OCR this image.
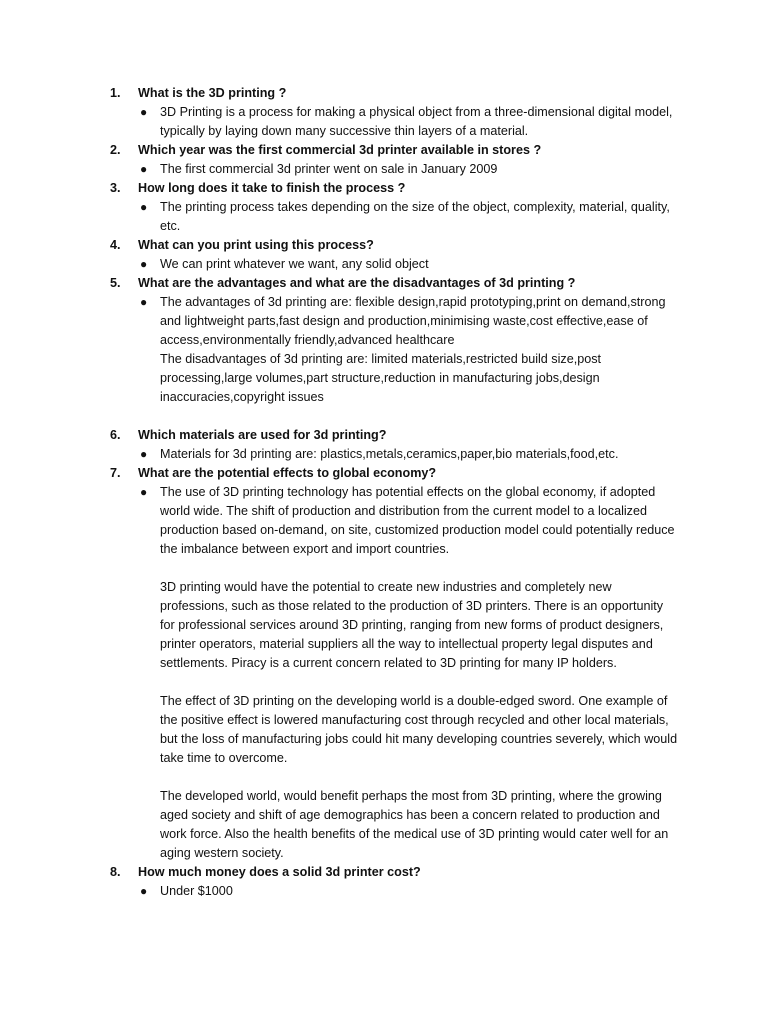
1. What is the 3D printing ?
● 3D Printing is a process for making a physical object from a three-dimensional digital model, typically by laying down many successive thin layers of a material.

2. Which year was the first commercial 3d printer available in stores ?
● The first commercial 3d printer went on sale in January 2009

3. How long does it take to finish the process ?
● The printing process takes depending on the size of the object, complexity, material, quality, etc.

4. What can you print using this process?
● We can print whatever we want, any solid object

5. What are the advantages and what are the disadvantages of 3d printing ?
● The advantages of 3d printing are: flexible design,rapid prototyping,print on demand,strong and lightweight parts,fast design and production,minimising waste,cost effective,ease of access,environmentally friendly,advanced healthcare

The disadvantages of 3d printing are: limited materials,restricted build size,post processing,large volumes,part structure,reduction in manufacturing jobs,design inaccuracies,copyright issues

6. Which materials are used for 3d printing?
● Materials for 3d printing are: plastics,metals,ceramics,paper,bio materials,food,etc.

7. What are the potential effects to global economy?
● The use of 3D printing technology has potential effects on the global economy, if adopted world wide. The shift of production and distribution from the current model to a localized production based on-demand, on site, customized production model could potentially reduce the imbalance between export and import countries.

3D printing would have the potential to create new industries and completely new professions, such as those related to the production of 3D printers. There is an opportunity for professional services around 3D printing, ranging from new forms of product designers, printer operators, material suppliers all the way to intellectual property legal disputes and settlements. Piracy is a current concern related to 3D printing for many IP holders.

The effect of 3D printing on the developing world is a double-edged sword. One example of the positive effect is lowered manufacturing cost through recycled and other local materials, but the loss of manufacturing jobs could hit many developing countries severely, which would take time to overcome.

The developed world, would benefit perhaps the most from 3D printing, where the growing aged society and shift of age demographics has been a concern related to production and work force. Also the health benefits of the medical use of 3D printing would cater well for an aging western society.

8. How much money does a solid 3d printer cost?
● Under $1000
